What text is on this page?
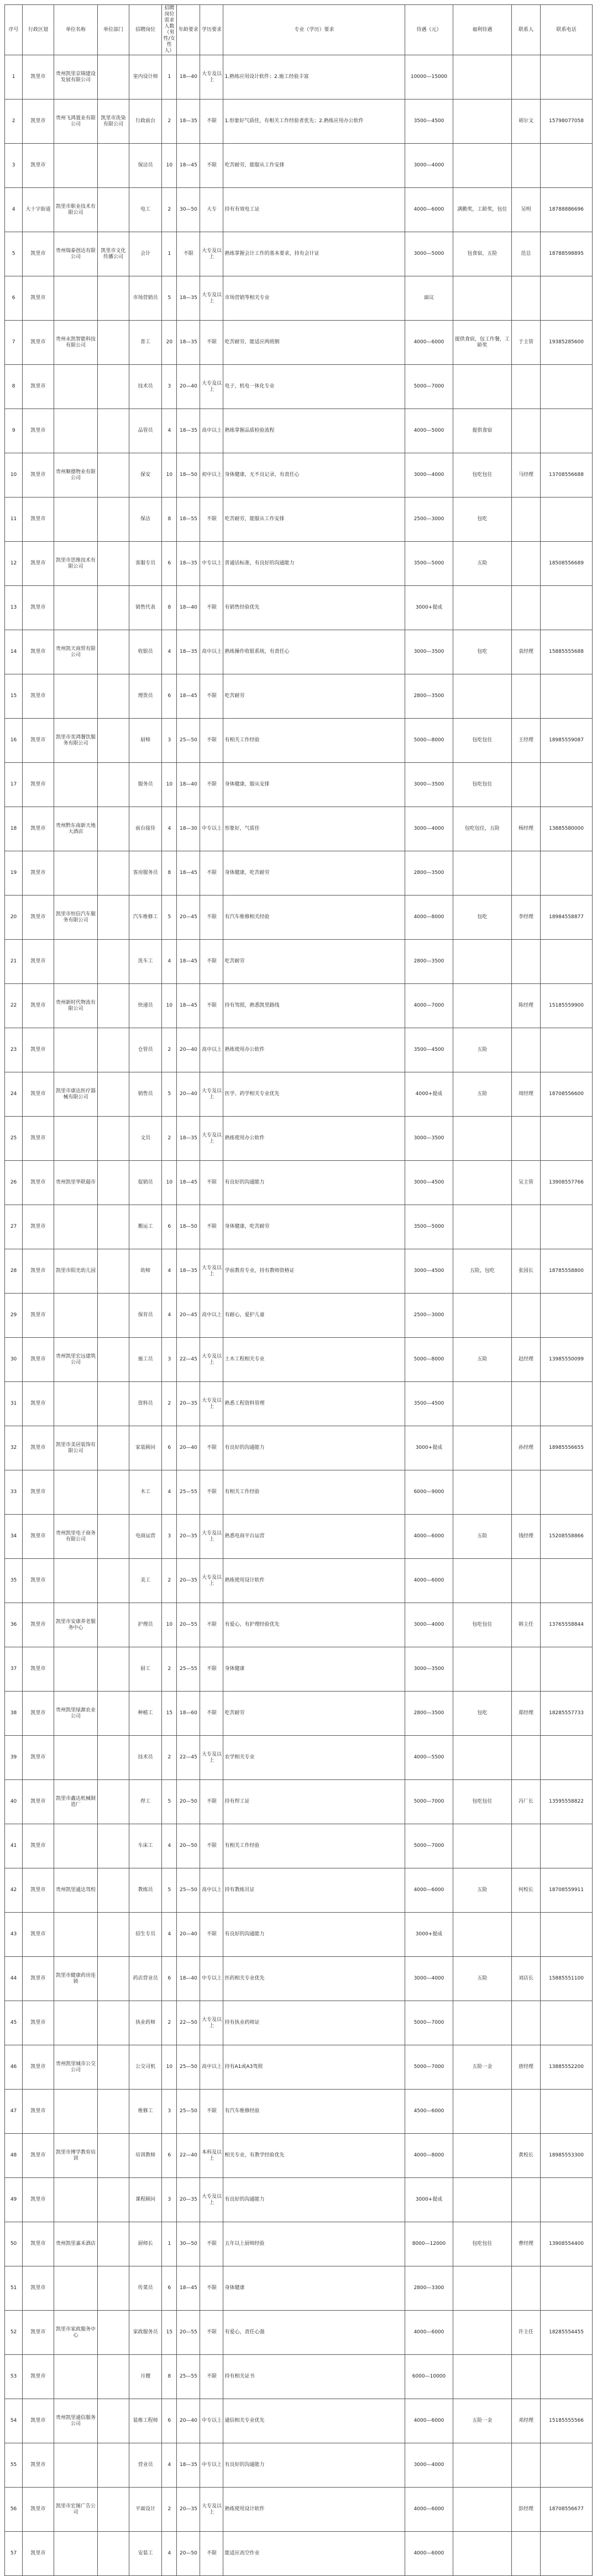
序号	行政区划	单位名称	单位部门	招聘岗位	招聘岗位需求人数（男性/女性人）	年龄要求	学历要求	专业（学历）要求	待遇（元）	福利待遇	联系人	联系电话
1	凯里市	贵州凯里京锦建设发展有限公司		室内设计师	1	18—40	大专及以上	1.熟练应用设计软件；2.施工经验丰富	10000—15000			
2	凯里市	贵州飞鸿置业有限公司	凯里市洗染有限公司	行政前台	2	18—35	不限	1.形象好气质佳，有相关工作经验者优先；2.熟练应用办公软件	3500—4500		胡尔文	15798077058
3	凯里市			保洁员	10	18—45	不限	吃苦耐劳，能服从工作安排	3000—4000			
4	大十字街道	凯里市职业技术有限公司		电工	2	30—50	大专	持有有效电工证	4000—6000	满勤奖，工龄奖，包住	吴明	18788886696
5	凯里市	贵州瑞泰创达有限公司	凯里市文化传播公司	会计	1	不限	大专及以上	熟练掌握会计工作的基本要求，持有会计证	3000—5000	包食宿，五险	范总	18788598895
6	凯里市			市场营销员	5	18—35	大专及以上	市场营销等相关专业	面议			
7	凯里市	贵州永凯智能科技有限公司		普工	20	18—35	不限	吃苦耐劳，能适应两班倒	4000—6000	提供食宿，包工作餐，工龄奖	于主管	19385285600
8	凯里市			技术员	3	20—40	大专及以上	电子，机电一体化专业	5000—7000			
9	凯里市			品管员	4	18—35	高中以上	熟练掌握品质检验流程	4000—5000	提供食宿		
10	凯里市	贵州顺德物业有限公司		保安	10	18—50	初中以上	身体健康，无不良记录，有责任心	3000—4000	包吃包住	马经理	13708556688
11	凯里市			保洁	8	18—55	不限	吃苦耐劳，能服从工作安排	2500—3000	包吃		
12	凯里市	凯里市思维技术有限公司		客服专员	6	18—35	中专以上	普通话标准，有良好的沟通能力	3500—5000	五险		18508556689
13	凯里市			销售代表	8	18—40	不限	有销售经验优先	3000+提成			
14	凯里市	贵州凯天商贸有限公司		收银员	4	18—35	高中以上	熟练操作收银系统，有责任心	3000—3500	包吃	袁经理	15885555688
15	凯里市			理货员	6	18—45	不限	吃苦耐劳	2800—3500			
16	凯里市	凯里市奕鸿餐饮服务有限公司		厨师	3	25—50	不限	有相关工作经验	5000—8000	包吃包住	王经理	18985559087
17	凯里市			服务员	10	18—40	不限	身体健康，服从安排	3000—3500	包吃包住		
18	凯里市	贵州黔东南新天地大酒店		前台接待	4	18—30	中专以上	形象好，气质佳	3000—4000	包吃包住，五险	杨经理	13885580000
19	凯里市			客房服务员	8	18—45	不限	身体健康，吃苦耐劳	2800—3500			
20	凯里市	凯里市恒信汽车服务有限公司		汽车维修工	5	20—45	不限	有汽车维修相关经验	4000—8000	包吃	李经理	18984558877
21	凯里市			洗车工	4	18—45	不限	吃苦耐劳	2800—3500			
22	凯里市	贵州新时代物流有限公司		快递员	10	18—45	不限	持有驾照，熟悉凯里路线	4000—7000		陈经理	15185559900
23	凯里市			仓管员	2	20—40	高中以上	熟练使用办公软件	3500—4500	五险		
24	凯里市	凯里市康达医疗器械有限公司		销售员	5	20—40	大专及以上	医学、药学相关专业优先	4000+提成	五险	周经理	18708556600
25	凯里市			文员	2	18—35	大专及以上	熟练使用办公软件	3000—3500			
26	凯里市	贵州凯里华联超市		促销员	10	18—45	不限	有良好的沟通能力	3000—4500		吴主管	13908557766
27	凯里市			搬运工	6	18—50	不限	身体健康，吃苦耐劳	3500—5000			
28	凯里市	凯里市阳光幼儿园		幼师	4	18—35	大专及以上	学前教育专业，持有教师资格证	3000—4500	五险，包吃	张园长	18785558800
29	凯里市			保育员	4	20—45	高中以上	有耐心，爱护儿童	2500—3000			
30	凯里市	贵州凯里宏远建筑公司		施工员	3	22—45	大专及以上	土木工程相关专业	5000—8000	五险	赵经理	13985550099
31	凯里市			资料员	2	20—35	大专及以上	熟悉工程资料管理	3500—4500			
32	凯里市	凯里市美居装饰有限公司		家装顾问	6	20—40	不限	有良好的沟通能力	3000+提成		孙经理	18985556655
33	凯里市			木工	4	25—55	不限	有相关工作经验	6000—9000			
34	凯里市	贵州凯里电子商务有限公司		电商运营	3	20—35	大专及以上	熟悉电商平台运营	4000—6000	五险	钱经理	15208558866
35	凯里市			美工	2	20—35	大专及以上	熟练使用设计软件	4000—6000			
36	凯里市	凯里市安康养老服务中心		护理员	10	20—55	不限	有爱心，有护理经验优先	3000—4000	包吃包住	韩主任	13765558844
37	凯里市			厨工	2	25—55	不限	身体健康	3000—3500			
38	凯里市	贵州凯里绿源农业公司		种植工	15	18—60	不限	吃苦耐劳	2800—3500	包吃	郑经理	18285557733
39	凯里市			技术员	2	22—45	大专及以上	农学相关专业	4000—5500			
40	凯里市	凯里市鑫达机械制造厂		焊工	5	20—50	不限	持有焊工证	5000—7000	包吃包住	冯厂长	13595558822
41	凯里市			车床工	4	20—50	不限	有相关工作经验	5000—7000			
42	凯里市	贵州凯里通达驾校		教练员	5	25—50	高中以上	持有教练员证	4000—6000	五险	何校长	18708559911
43	凯里市			招生专员	4	20—40	不限	有良好的沟通能力	3000+提成			
44	凯里市	凯里市健康药房连锁		药店营业员	6	18—40	中专以上	医药相关专业优先	3000—4000	五险	刘店长	15885551100
45	凯里市			执业药师	2	22—50	大专及以上	持有执业药师证	5000—7000			
46	凯里市	贵州凯里城市公交公司		公交司机	10	25—50	高中以上	持有A1或A3驾照	5000—7000	五险一金	唐经理	13885552200
47	凯里市			维修工	3	25—50	不限	有汽车维修经验	4500—6000			
48	凯里市	凯里市博学教育培训		培训教师	6	22—40	本科及以上	相关专业，有教学经验优先	4000—8000		黄校长	18985553300
49	凯里市			课程顾问	3	20—35	大专及以上	有良好的沟通能力	3000+提成			
50	凯里市	贵州凯里嘉禾酒店		厨师长	1	30—50	不限	五年以上厨师经验	8000—12000	包吃包住	曹经理	13908554400
51	凯里市			传菜员	6	18—45	不限	身体健康	2800—3300			
52	凯里市	凯里市家政服务中心		家政服务员	15	20—55	不限	有爱心，责任心强	4000—6000		许主任	18285554455
53	凯里市			月嫂	8	25—55	不限	持有相关证书	6000—10000			
54	凯里市	贵州凯里通信服务公司		装维工程师	6	20—40	中专以上	通信相关专业优先	4000—6000	五险一金	邓经理	15185555566
55	凯里市			营业员	4	18—35	中专以上	有良好的沟通能力	3000—4000			
56	凯里市	凯里市宏图广告公司		平面设计	2	20—35	大专及以上	熟练使用设计软件	4000—6000		彭经理	18708556677
57	凯里市			安装工	4	20—50	不限	能适应高空作业	4000—6000			
